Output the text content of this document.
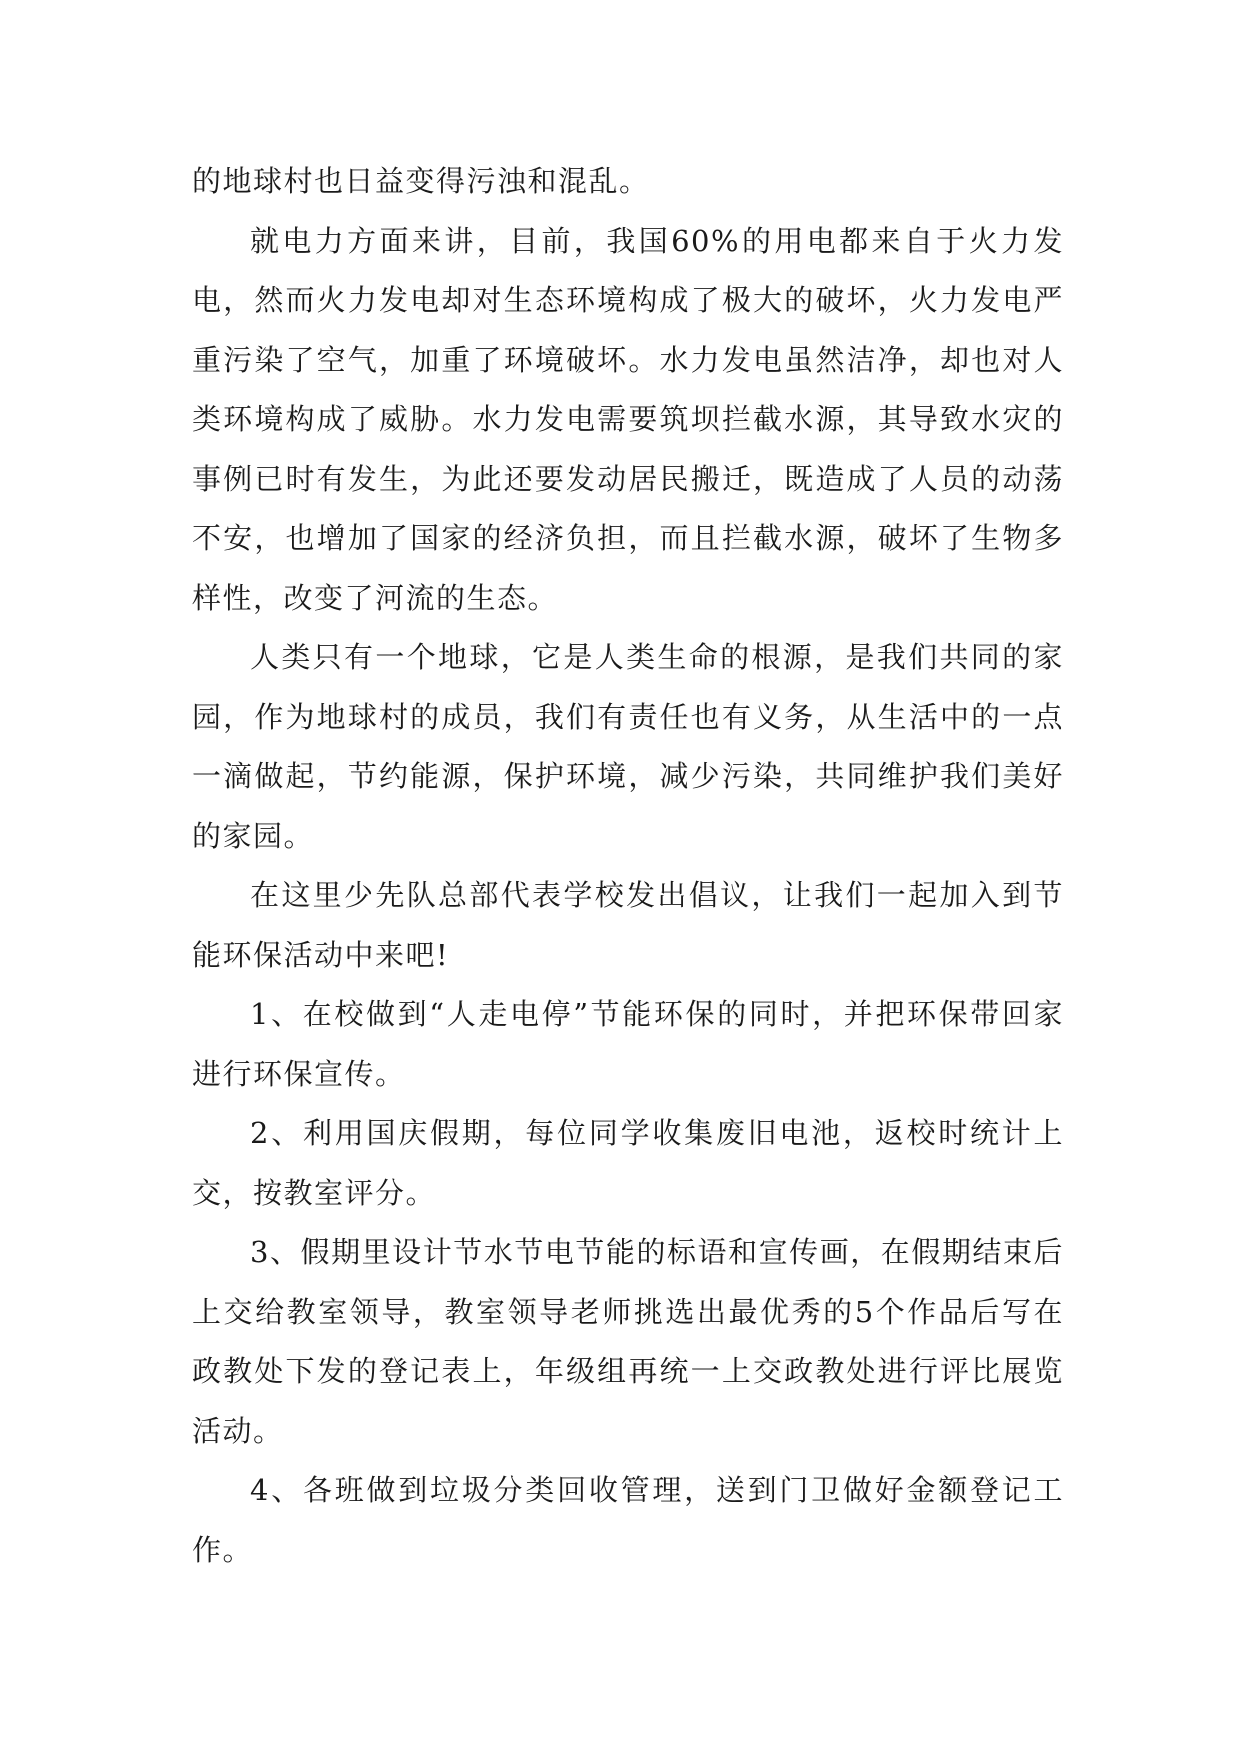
的地球村也日益变得污浊和混乱。

就电力方面来讲，目前，我国60%的用电都来自于火力发电，然而火力发电却对生态环境构成了极大的破坏，火力发电严重污染了空气，加重了环境破坏。水力发电虽然洁净，却也对人类环境构成了威胁。水力发电需要筑坝拦截水源，其导致水灾的事例已时有发生，为此还要发动居民搬迁，既造成了人员的动荡不安，也增加了国家的经济负担，而且拦截水源，破坏了生物多样性，改变了河流的生态。

人类只有一个地球，它是人类生命的根源，是我们共同的家园，作为地球村的成员，我们有责任也有义务，从生活中的一点一滴做起，节约能源，保护环境，减少污染，共同维护我们美好的家园。

在这里少先队总部代表学校发出倡议，让我们一起加入到节能环保活动中来吧!

1、在校做到“人走电停”节能环保的同时，并把环保带回家进行环保宣传。

2、利用国庆假期，每位同学收集废旧电池，返校时统计上交，按教室评分。

3、假期里设计节水节电节能的标语和宣传画，在假期结束后上交给教室领导，教室领导老师挑选出最优秀的5个作品后写在政教处下发的登记表上，年级组再统一上交政教处进行评比展览活动。

4、各班做到垃圾分类回收管理，送到门卫做好金额登记工作。
